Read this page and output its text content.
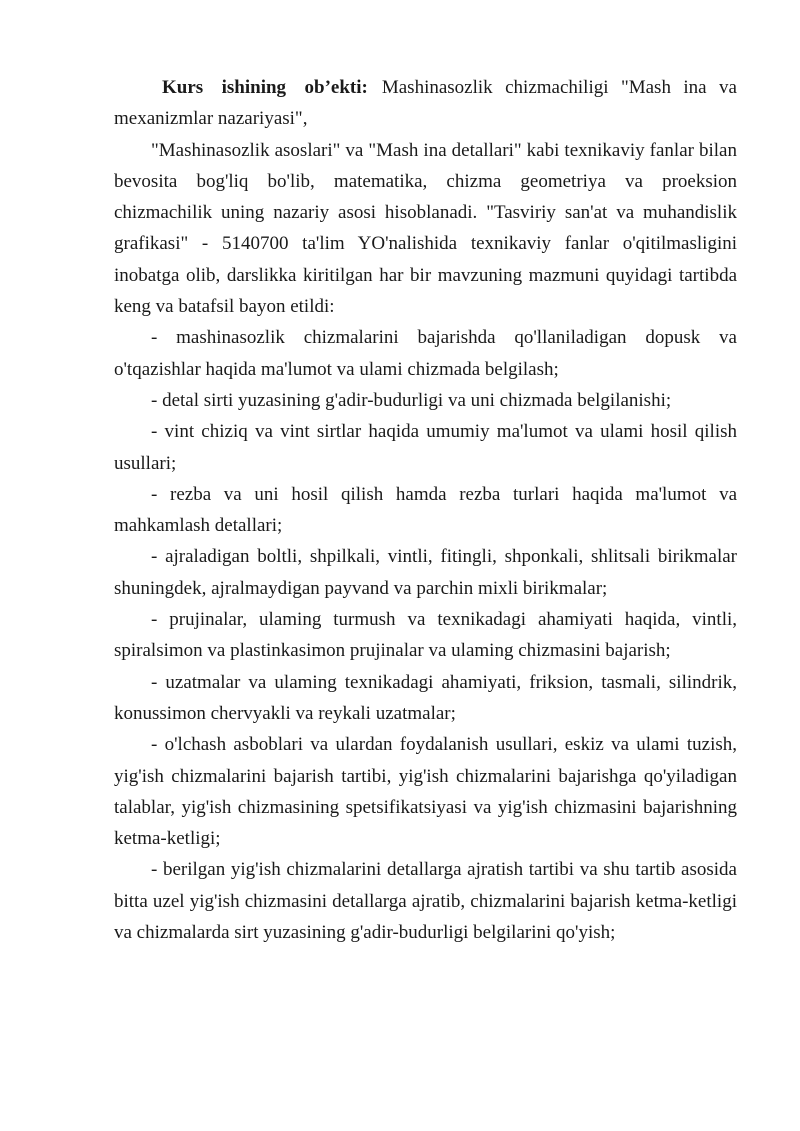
Kurs ishining ob’ekti: Mashinasozlik chizmachiligi "Mash ina va mexanizmlar nazariyasi",

"Mashinasozlik asoslari" va "Mash ina detallari" kabi texnikaviy fanlar bilan bevosita bog'liq bo'lib, matematika, chizma geometriya va proeksion chizmachilik uning nazariy asosi hisoblanadi. "Tasviriy san'at va muhandislik grafikasi" - 5140700 ta'lim YO'nalishida texnikaviy fanlar o'qitilmasligini inobatga olib, darslikka kiritilgan har bir mavzuning mazmuni quyidagi tartibda keng va batafsil bayon etildi:

- mashinasozlik chizmalarini bajarishda qo'llaniladigan dopusk va o'tqazishlar haqida ma'lumot va ulami chizmada belgilash;

- detal sirti yuzasining g'adir-budurligi va uni chizmada belgilanishi;

- vint chiziq va vint sirtlar haqida umumiy ma'lumot va ulami hosil qilish usullari;

- rezba va uni hosil qilish hamda rezba turlari haqida ma'lumot va mahkamlash detallari;

- ajraladigan boltli, shpilkali, vintli, fitingli, shponkali, shlitsali birikmalar shuningdek, ajralmaydigan payvand va parchin mixli birikmalar;

- prujinalar, ulaming turmush va texnikadagi ahamiyati haqida, vintli, spiralsimon va plastinkasimon prujinalar va ulaming chizmasini bajarish;

- uzatmalar va ulaming texnikadagi ahamiyati, friksion, tasmali, silindrik, konussimon chervyakli va reykali uzatmalar;

- o'lchash asboblari va ulardan foydalanish usullari, eskiz va ulami tuzish, yig'ish chizmalarini bajarish tartibi, yig'ish chizmalarini bajarishga qo'yiladigan talablar, yig'ish chizmasining spetsifikatsiyasi va yig'ish chizmasini bajarishning ketma-ketligi;

- berilgan yig'ish chizmalarini detallarga ajratish tartibi va shu tartib asosida bitta uzel yig'ish chizmasini detallarga ajratib, chizmalarini bajarish ketma-ketligi va chizmalarda sirt yuzasining g'adir-budurligi belgilarini qo'yish;
